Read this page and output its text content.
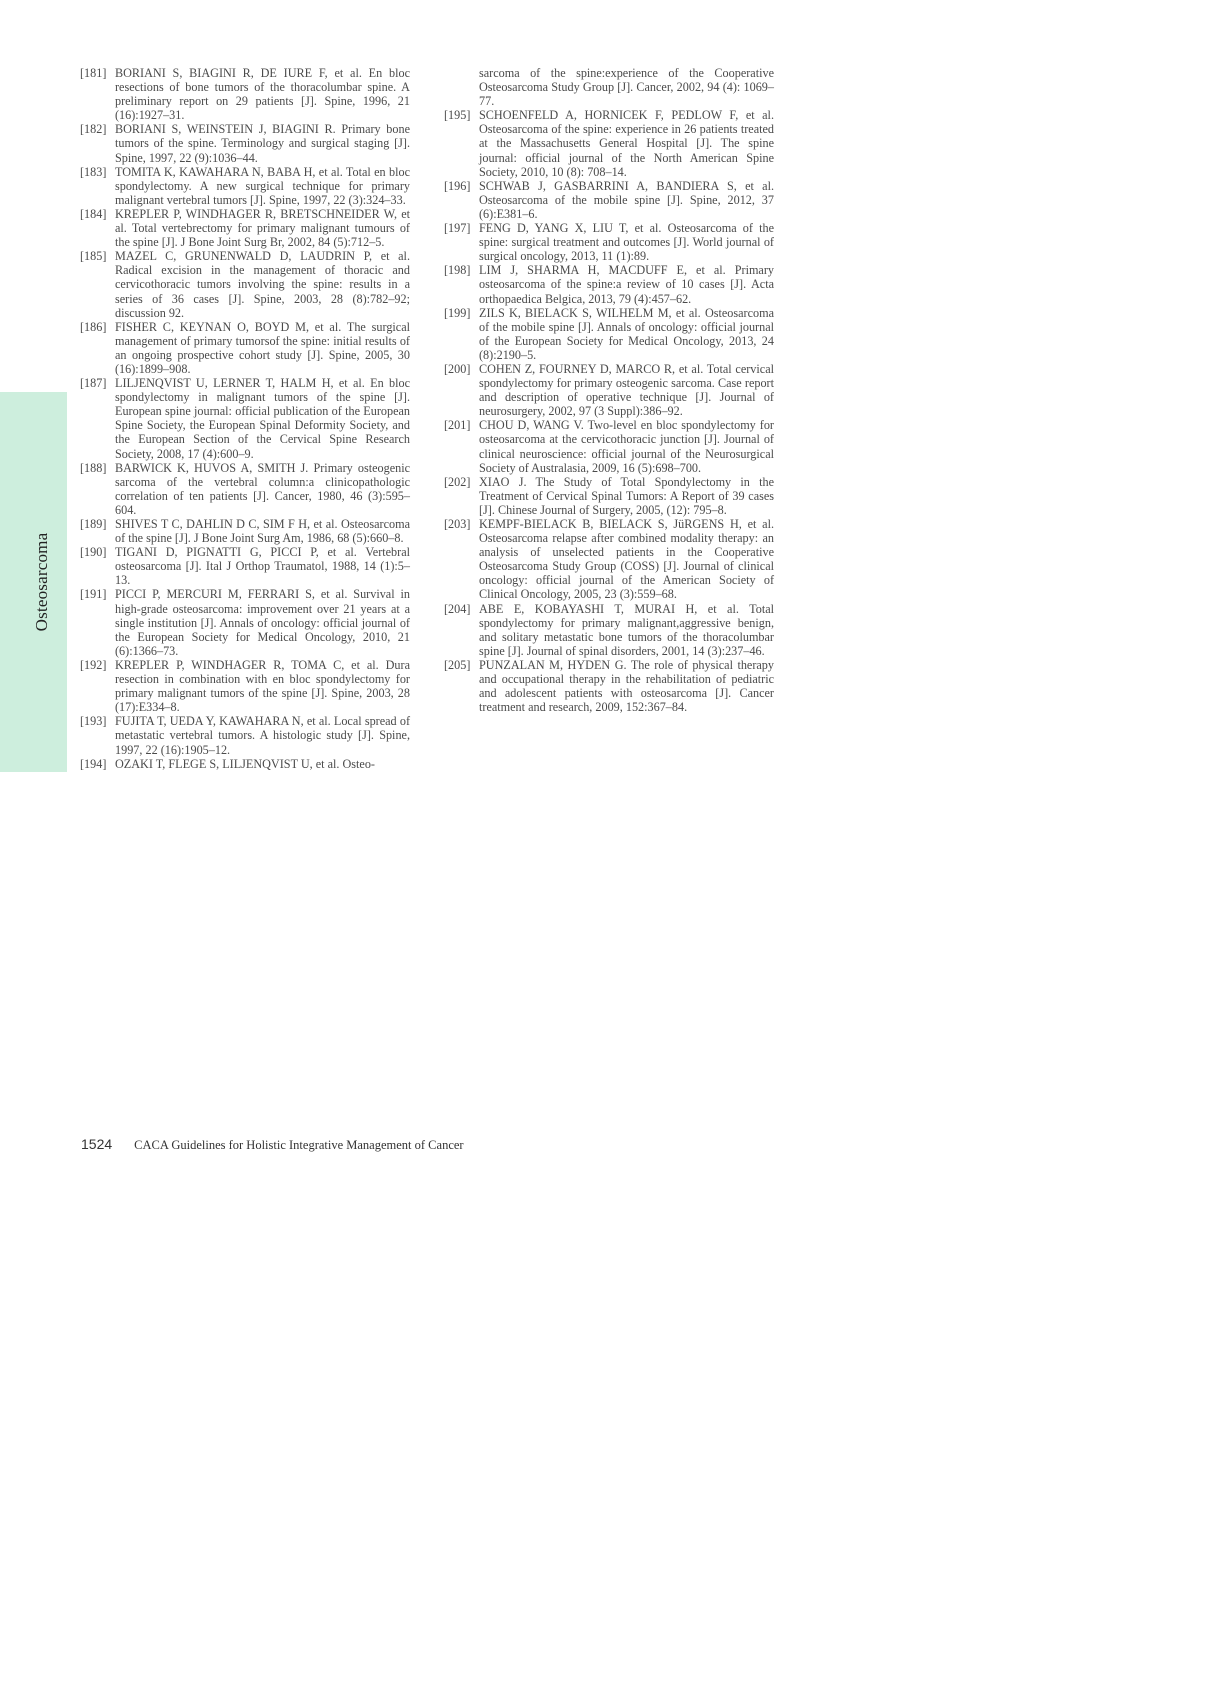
Osteosarcoma
[181] BORIANI S, BIAGINI R, DE IURE F, et al. En bloc resections of bone tumors of the thoracolumbar spine. A preliminary report on 29 patients [J]. Spine, 1996, 21 (16):1927–31.
[182] BORIANI S, WEINSTEIN J, BIAGINI R. Primary bone tumors of the spine. Terminology and surgical staging [J]. Spine, 1997, 22 (9):1036–44.
[183] TOMITA K, KAWAHARA N, BABA H, et al. Total en bloc spondylectomy. A new surgical technique for primary malignant vertebral tumors [J]. Spine, 1997, 22 (3):324–33.
[184] KREPLER P, WINDHAGER R, BRETSCHNEIDER W, et al. Total vertebrectomy for primary malignant tumours of the spine [J]. J Bone Joint Surg Br, 2002, 84 (5):712–5.
[185] MAZEL C, GRUNENWALD D, LAUDRIN P, et al. Radical excision in the management of thoracic and cervicothoracic tumors involving the spine: results in a series of 36 cases [J]. Spine, 2003, 28 (8):782–92; discussion 92.
[186] FISHER C, KEYNAN O, BOYD M, et al. The surgical management of primary tumorsof the spine: initial results of an ongoing prospective cohort study [J]. Spine, 2005, 30 (16):1899–908.
[187] LILJENQVIST U, LERNER T, HALM H, et al. En bloc spondylectomy in malignant tumors of the spine [J]. European spine journal: official publication of the European Spine Society, the European Spinal Deformity Society, and the European Section of the Cervical Spine Research Society, 2008, 17 (4):600–9.
[188] BARWICK K, HUVOS A, SMITH J. Primary osteogenic sarcoma of the vertebral column:a clinicopathologic correlation of ten patients [J]. Cancer, 1980, 46 (3):595–604.
[189] SHIVES T C, DAHLIN D C, SIM F H, et al. Osteosarcoma of the spine [J]. J Bone Joint Surg Am, 1986, 68 (5):660–8.
[190] TIGANI D, PIGNATTI G, PICCI P, et al. Vertebral osteosarcoma [J]. Ital J Orthop Traumatol, 1988, 14 (1):5–13.
[191] PICCI P, MERCURI M, FERRARI S, et al. Survival in high-grade osteosarcoma: improvement over 21 years at a single institution [J]. Annals of oncology: official journal of the European Society for Medical Oncology, 2010, 21 (6):1366–73.
[192] KREPLER P, WINDHAGER R, TOMA C, et al. Dura resection in combination with en bloc spondylectomy for primary malignant tumors of the spine [J]. Spine, 2003, 28 (17):E334–8.
[193] FUJITA T, UEDA Y, KAWAHARA N, et al. Local spread of metastatic vertebral tumors. A histologic study [J]. Spine, 1997, 22 (16):1905–12.
[194] OZAKI T, FLEGE S, LILJENQVIST U, et al. Osteo-
sarcoma of the spine:experience of the Cooperative Osteosarcoma Study Group [J]. Cancer, 2002, 94 (4): 1069–77.
[195] SCHOENFELD A, HORNICEK F, PEDLOW F, et al. Osteosarcoma of the spine: experience in 26 patients treated at the Massachusetts General Hospital [J]. The spine journal: official journal of the North American Spine Society, 2010, 10 (8): 708–14.
[196] SCHWAB J, GASBARRINI A, BANDIERA S, et al. Osteosarcoma of the mobile spine [J]. Spine, 2012, 37 (6):E381–6.
[197] FENG D, YANG X, LIU T, et al. Osteosarcoma of the spine: surgical treatment and outcomes [J]. World journal of surgical oncology, 2013, 11 (1):89.
[198] LIM J, SHARMA H, MACDUFF E, et al. Primary osteosarcoma of the spine:a review of 10 cases [J]. Acta orthopaedica Belgica, 2013, 79 (4):457–62.
[199] ZILS K, BIELACK S, WILHELM M, et al. Osteosarcoma of the mobile spine [J]. Annals of oncology: official journal of the European Society for Medical Oncology, 2013, 24 (8):2190–5.
[200] COHEN Z, FOURNEY D, MARCO R, et al. Total cervical spondylectomy for primary osteogenic sarcoma. Case report and description of operative technique [J]. Journal of neurosurgery, 2002, 97 (3 Suppl):386–92.
[201] CHOU D, WANG V. Two-level en bloc spondylectomy for osteosarcoma at the cervicothoracic junction [J]. Journal of clinical neuroscience: official journal of the Neurosurgical Society of Australasia, 2009, 16 (5):698–700.
[202] XIAO J. The Study of Total Spondylectomy in the Treatment of Cervical Spinal Tumors: A Report of 39 cases [J]. Chinese Journal of Surgery, 2005, (12): 795–8.
[203] KEMPF-BIELACK B, BIELACK S, JüRGENS H, et al. Osteosarcoma relapse after combined modality therapy: an analysis of unselected patients in the Cooperative Osteosarcoma Study Group (COSS) [J]. Journal of clinical oncology: official journal of the American Society of Clinical Oncology, 2005, 23 (3):559–68.
[204] ABE E, KOBAYASHI T, MURAI H, et al. Total spondylectomy for primary malignant,aggressive benign, and solitary metastatic bone tumors of the thoracolumbar spine [J]. Journal of spinal disorders, 2001, 14 (3):237–46.
[205] PUNZALAN M, HYDEN G. The role of physical therapy and occupational therapy in the rehabilitation of pediatric and adolescent patients with osteosarcoma [J]. Cancer treatment and research, 2009, 152:367–84.
1524 CACA Guidelines for Holistic Integrative Management of Cancer
